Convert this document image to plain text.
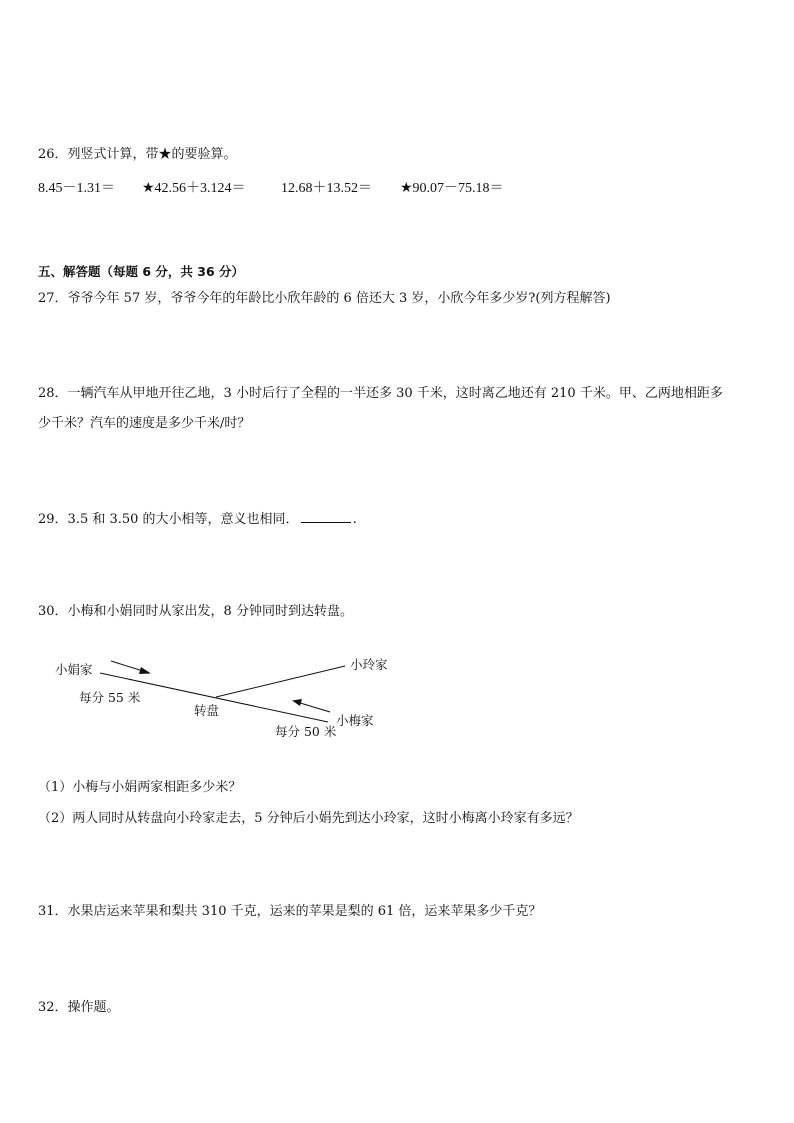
26．列竖式计算，带★的要验算。
8.45－1.31＝ ★42.56＋3.124＝	12.68＋13.52＝ ★90.07－75.18＝
五、解答题（每题 6 分，共 36 分）
27．爷爷今年 57 岁，爷爷今年的年龄比小欣年龄的 6 倍还大 3 岁，小欣今年多少岁?(列方程解答)
28．一辆汽车从甲地开往乙地，3 小时后行了全程的一半还多 30 千米，这时离乙地还有 210 千米。甲、乙两地相距多
少千米？汽车的速度是多少千米/时？
29．3.5 和 3.50 的大小相等，意义也相同．	.
30．小梅和小娟同时从家出发，8 分钟同时到达转盘。
小娟家	小玲家
小梅家
转盘
每分 55 米
每分 50 米
（1）小梅与小娟两家相距多少米？
（2）两人同时从转盘向小玲家走去，5 分钟后小娟先到达小玲家，这时小梅离小玲家有多远？
31．水果店运来苹果和梨共 310 千克，运来的苹果是梨的 61 倍，运来苹果多少千克？
32．操作题。
